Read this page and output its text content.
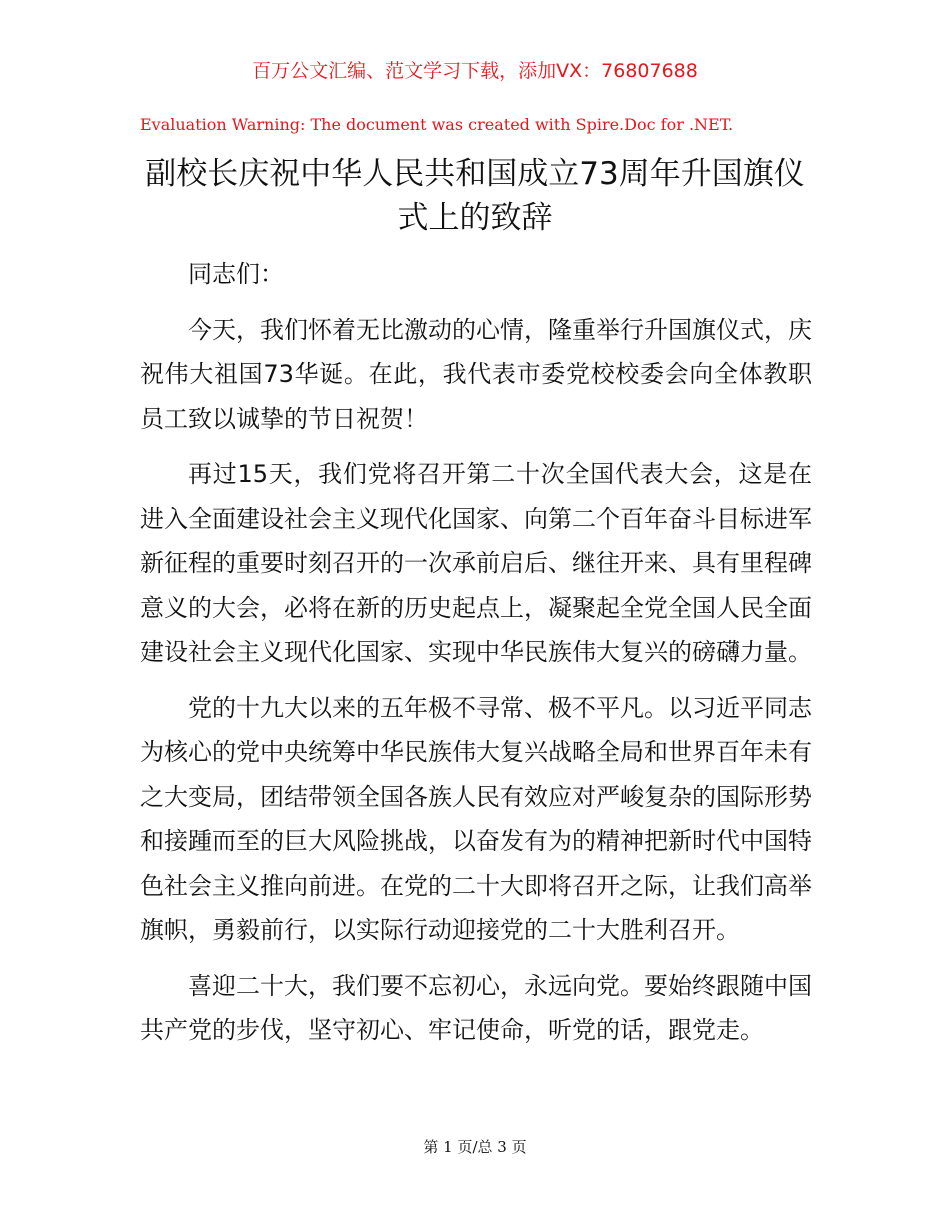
百万公文汇编、范文学习下载，添加VX：76807688
Evaluation Warning: The document was created with Spire.Doc for .NET.
副校长庆祝中华人民共和国成立73周年升国旗仪式上的致辞

同志们：

今天，我们怀着无比激动的心情，隆重举行升国旗仪式，庆祝伟大祖国73华诞。在此，我代表市委党校校委会向全体教职员工致以诚挚的节日祝贺！

再过15天，我们党将召开第二十次全国代表大会，这是在进入全面建设社会主义现代化国家、向第二个百年奋斗目标进军新征程的重要时刻召开的一次承前启后、继往开来、具有里程碑意义的大会，必将在新的历史起点上，凝聚起全党全国人民全面建设社会主义现代化国家、实现中华民族伟大复兴的磅礴力量。

党的十九大以来的五年极不寻常、极不平凡。以习近平同志为核心的党中央统筹中华民族伟大复兴战略全局和世界百年未有之大变局，团结带领全国各族人民有效应对严峻复杂的国际形势和接踵而至的巨大风险挑战，以奋发有为的精神把新时代中国特色社会主义推向前进。在党的二十大即将召开之际，让我们高举旗帜，勇毅前行，以实际行动迎接党的二十大胜利召开。

喜迎二十大，我们要不忘初心，永远向党。要始终跟随中国共产党的步伐，坚守初心、牢记使命，听党的话，跟党走。

第 1 页/总 3 页
